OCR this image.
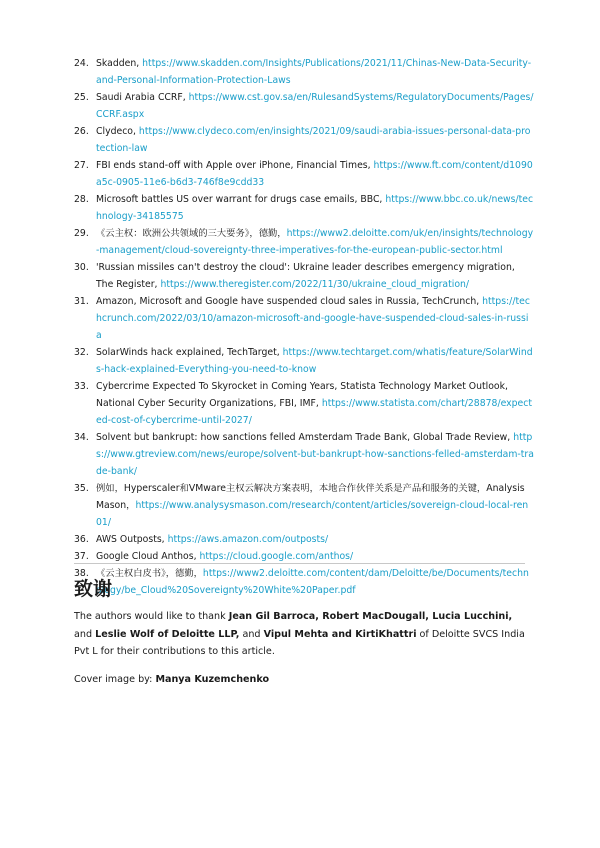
24. Skadden, https://www.skadden.com/Insights/Publications/2021/11/Chinas-New-Data-Security-and-Personal-Information-Protection-Laws
25. Saudi Arabia CCRF, https://www.cst.gov.sa/en/RulesandSystems/RegulatoryDocuments/Pages/CCRF.aspx
26. Clydeco, https://www.clydeco.com/en/insights/2021/09/saudi-arabia-issues-personal-data-protection-law
27. FBI ends stand-off with Apple over iPhone, Financial Times, https://www.ft.com/content/d1090a5c-0905-11e6-b6d3-746f8e9cdd33
28. Microsoft battles US over warrant for drugs case emails, BBC, https://www.bbc.co.uk/news/technology-34185575
29. 《云主权：欧洲公共领域的三大要务》，德勤，https://www2.deloitte.com/uk/en/insights/technology-management/cloud-sovereignty-three-imperatives-for-the-european-public-sector.html
30. 'Russian missiles can't destroy the cloud': Ukraine leader describes emergency migration, The Register, https://www.theregister.com/2022/11/30/ukraine_cloud_migration/
31. Amazon, Microsoft and Google have suspended cloud sales in Russia, TechCrunch, https://techcrunch.com/2022/03/10/amazon-microsoft-and-google-have-suspended-cloud-sales-in-russia
32. SolarWinds hack explained, TechTarget, https://www.techtarget.com/whatis/feature/SolarWinds-hack-explained-Everything-you-need-to-know
33. Cybercrime Expected To Skyrocket in Coming Years, Statista Technology Market Outlook, National Cyber Security Organizations, FBI, IMF, https://www.statista.com/chart/28878/expected-cost-of-cybercrime-until-2027/
34. Solvent but bankrupt: how sanctions felled Amsterdam Trade Bank, Global Trade Review, https://www.gtreview.com/news/europe/solvent-but-bankrupt-how-sanctions-felled-amsterdam-trade-bank/
35. 例如，Hyperscaler和VMware主权云解决方案表明，本地合作伙伴关系是产品和服务的关键，Analysis Mason，https://www.analysysmason.com/research/content/articles/sovereign-cloud-local-ren01/
36. AWS Outposts, https://aws.amazon.com/outposts/
37. Google Cloud Anthos, https://cloud.google.com/anthos/
38. 《云主权白皮书》，德勤，https://www2.deloitte.com/content/dam/Deloitte/be/Documents/technology/be_Cloud%20Sovereignty%20White%20Paper.pdf
致谢

The authors would like to thank Jean Gil Barroca, Robert MacDougall, Lucia Lucchini, and Leslie Wolf of Deloitte LLP, and Vipul Mehta and KirtiKhattri of Deloitte SVCS India Pvt L for their contributions to this article.

Cover image by: Manya Kuzemchenko
